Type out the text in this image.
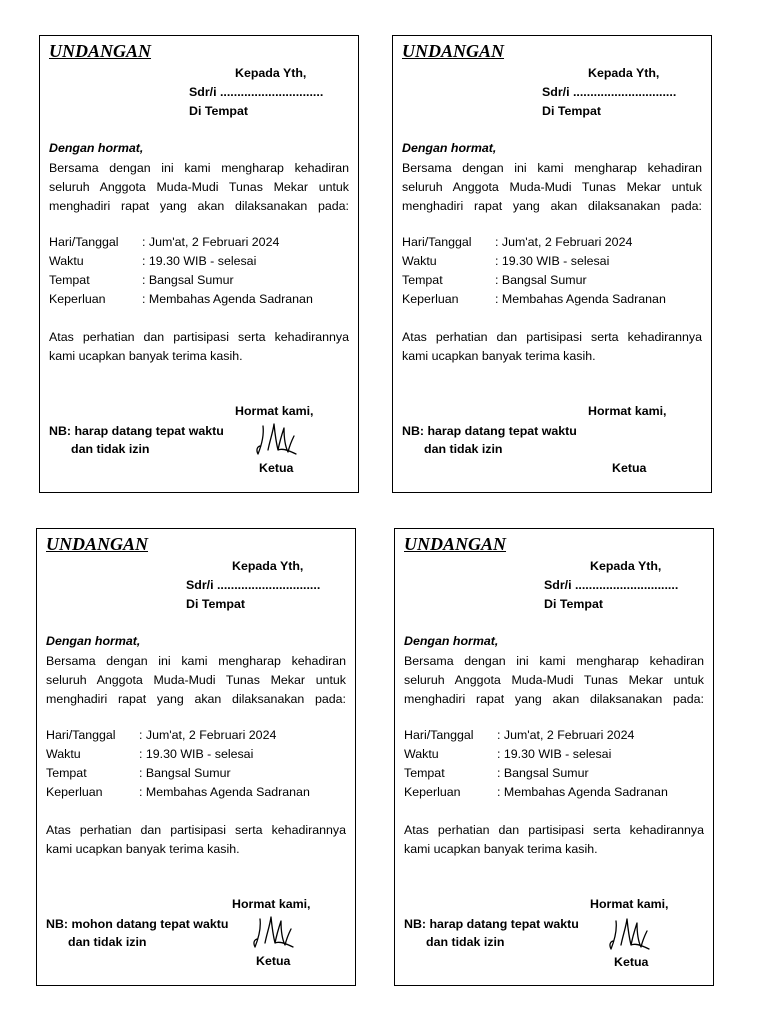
UNDANGAN
Kepada Yth,
Sdr/i ..............................
Di Tempat
Dengan hormat,
Bersama dengan ini kami mengharap kehadiran seluruh Anggota Muda-Mudi Tunas Mekar untuk menghadiri rapat yang akan dilaksanakan pada:
Hari/Tanggal	: Jum'at, 2 Februari 2024
Waktu	: 19.30 WIB - selesai
Tempat	: Bangsal Sumur
Keperluan	: Membahas Agenda Sadranan
Atas perhatian dan partisipasi serta kehadirannya kami ucapkan banyak terima kasih.
Hormat kami,
NB: harap datang tepat waktu
dan tidak izin
Ketua
UNDANGAN
Kepada Yth,
Sdr/i ..............................
Di Tempat
Dengan hormat,
Bersama dengan ini kami mengharap kehadiran seluruh Anggota Muda-Mudi Tunas Mekar untuk menghadiri rapat yang akan dilaksanakan pada:
Hari/Tanggal	: Jum'at, 2 Februari 2024
Waktu	: 19.30 WIB - selesai
Tempat	: Bangsal Sumur
Keperluan	: Membahas Agenda Sadranan
Atas perhatian dan partisipasi serta kehadirannya kami ucapkan banyak terima kasih.
Hormat kami,
NB: harap datang tepat waktu
dan tidak izin
Ketua
UNDANGAN
Kepada Yth,
Sdr/i ..............................
Di Tempat
Dengan hormat,
Bersama dengan ini kami mengharap kehadiran seluruh Anggota Muda-Mudi Tunas Mekar untuk menghadiri rapat yang akan dilaksanakan pada:
Hari/Tanggal	: Jum'at, 2 Februari 2024
Waktu	: 19.30 WIB - selesai
Tempat	: Bangsal Sumur
Keperluan	: Membahas Agenda Sadranan
Atas perhatian dan partisipasi serta kehadirannya kami ucapkan banyak terima kasih.
Hormat kami,
NB: mohon datang tepat waktu
dan tidak izin
Ketua
UNDANGAN
Kepada Yth,
Sdr/i ..............................
Di Tempat
Dengan hormat,
Bersama dengan ini kami mengharap kehadiran seluruh Anggota Muda-Mudi Tunas Mekar untuk menghadiri rapat yang akan dilaksanakan pada:
Hari/Tanggal	: Jum'at, 2 Februari 2024
Waktu	: 19.30 WIB - selesai
Tempat	: Bangsal Sumur
Keperluan	: Membahas Agenda Sadranan
Atas perhatian dan partisipasi serta kehadirannya kami ucapkan banyak terima kasih.
Hormat kami,
NB: harap datang tepat waktu
dan tidak izin
Ketua
